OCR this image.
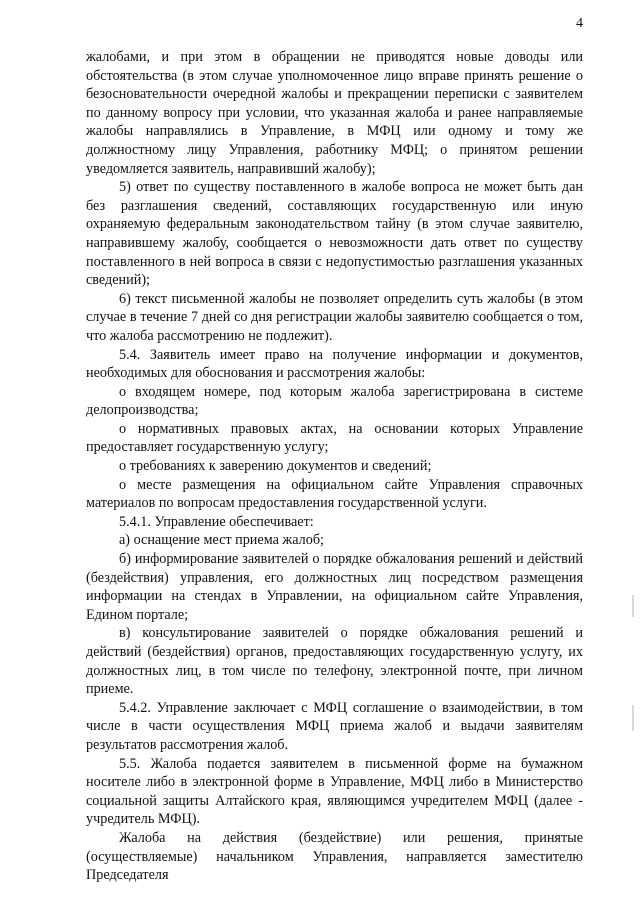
4

жалобами, и при этом в обращении не приводятся новые доводы или обстоятельства (в этом случае уполномоченное лицо вправе принять решение о безосновательности очередной жалобы и прекращении переписки с заявителем по данному вопросу при условии, что указанная жалоба и ранее направляемые жалобы направлялись в Управление, в МФЦ или одному и тому же должностному лицу Управления, работнику МФЦ; о принятом решении уведомляется заявитель, направивший жалобу);

5) ответ по существу поставленного в жалобе вопроса не может быть дан без разглашения сведений, составляющих государственную или иную охраняемую федеральным законодательством тайну (в этом случае заявителю, направившему жалобу, сообщается о невозможности дать ответ по существу поставленного в ней вопроса в связи с недопустимостью разглашения указанных сведений);

6) текст письменной жалобы не позволяет определить суть жалобы (в этом случае в течение 7 дней со дня регистрации жалобы заявителю сообщается о том, что жалоба рассмотрению не подлежит).

5.4. Заявитель имеет право на получение информации и документов, необходимых для обоснования и рассмотрения жалобы:

о входящем номере, под которым жалоба зарегистрирована в системе делопроизводства;

о нормативных правовых актах, на основании которых Управление предоставляет государственную услугу;

о требованиях к заверению документов и сведений;

о месте размещения на официальном сайте Управления справочных материалов по вопросам предоставления государственной услуги.

5.4.1. Управление обеспечивает:

а) оснащение мест приема жалоб;

б) информирование заявителей о порядке обжалования решений и действий (бездействия) управления, его должностных лиц посредством размещения информации на стендах в Управлении, на официальном сайте Управления, Едином портале;

в) консультирование заявителей о порядке обжалования решений и действий (бездействия) органов, предоставляющих государственную услугу, их должностных лиц, в том числе по телефону, электронной почте, при личном приеме.

5.4.2. Управление заключает с МФЦ соглашение о взаимодействии, в том числе в части осуществления МФЦ приема жалоб и выдачи заявителям результатов рассмотрения жалоб.

5.5. Жалоба подается заявителем в письменной форме на бумажном носителе либо в электронной форме в Управление, МФЦ либо в Министерство социальной защиты Алтайского края, являющимся учредителем МФЦ (далее - учредитель МФЦ).

Жалоба на действия (бездействие) или решения, принятые (осуществляемые) начальником Управления, направляется заместителю Председателя
